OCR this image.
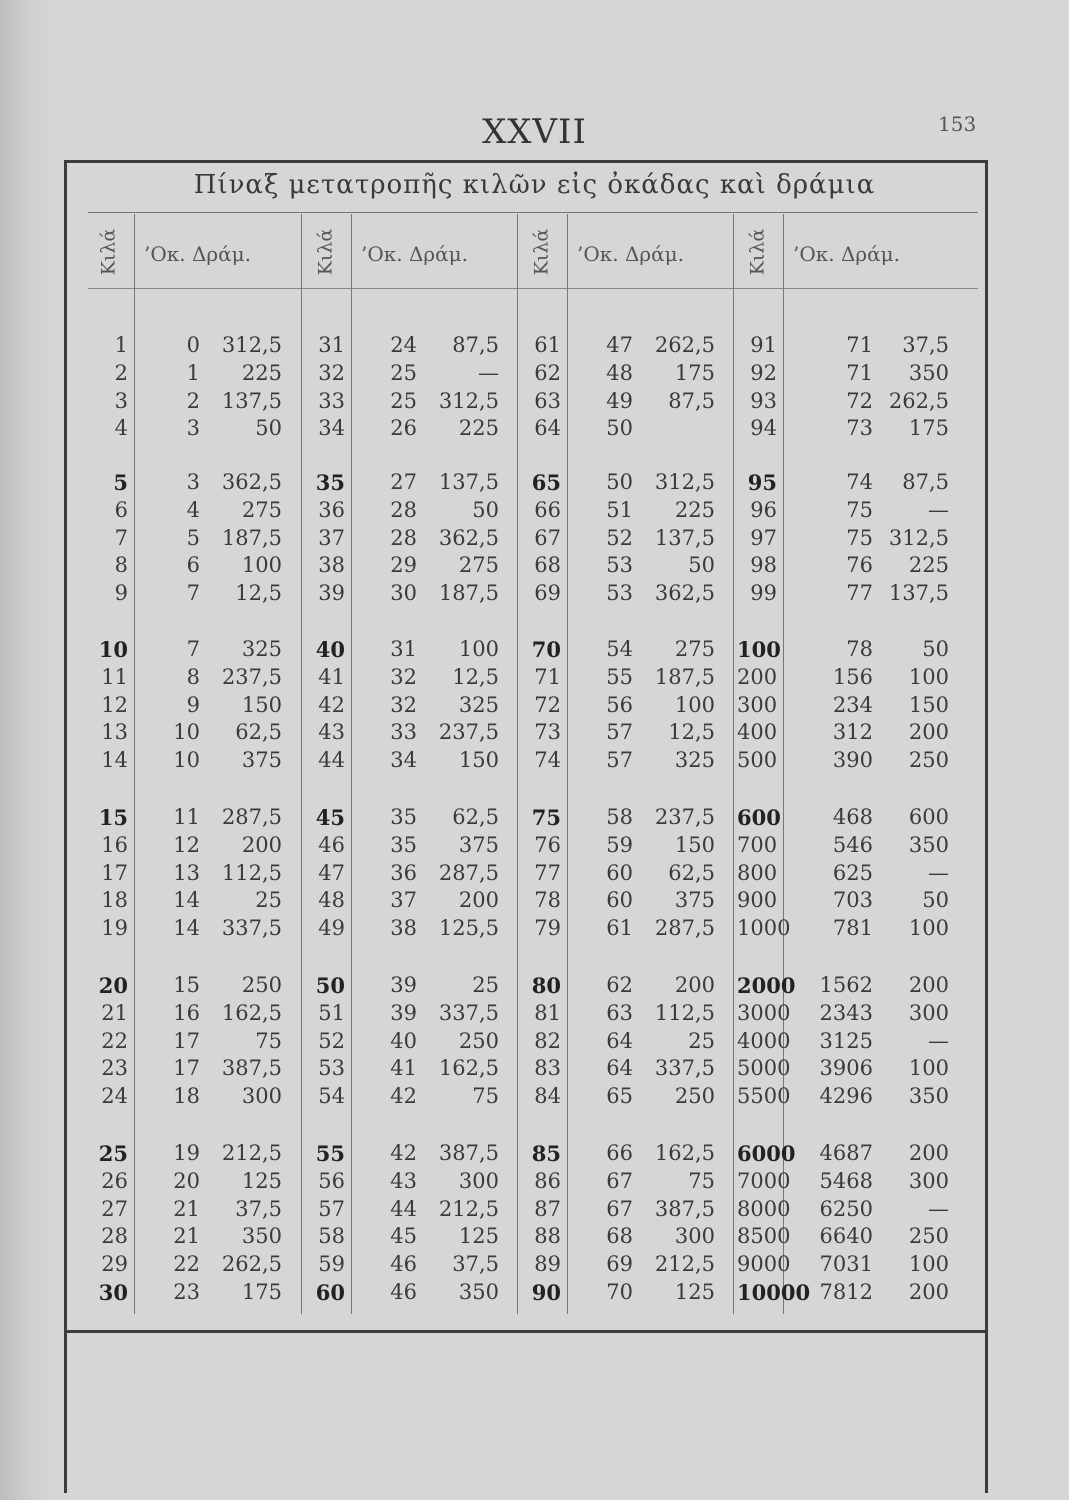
XXVII	153
Πίναξ μετατροπῆς κιλῶν εἰς ὀκάδας καὶ δράμια
Κιλά ’Οκ. Δράμ.
1	0	312,5
2	1	225
3	2	137,5
4	3	50
5	3	362,5
6	4	275
7	5	187,5
8	6	100
9	7	12,5
10	7	325
11	8	237,5
12	9	150
13	10	62,5
14	10	375
15	11	287,5
16	12	200
17	13	112,5
18	14	25
19	14	337,5
20	15	250
21	16	162,5
22	17	75
23	17	387,5
24	18	300
25	19	212,5
26	20	125
27	21	37,5
28	21	350
29	22	262,5
30	23	175
Κιλά ’Οκ. Δράμ.
31	24	87,5
32	25	—
33	25	312,5
34	26	225
35	27	137,5
36	28	50
37	28	362,5
38	29	275
39	30	187,5
40	31	100
41	32	12,5
42	32	325
43	33	237,5
44	34	150
45	35	62,5
46	35	375
47	36	287,5
48	37	200
49	38	125,5
50	39	25
51	39	337,5
52	40	250
53	41	162,5
54	42	75
55	42	387,5
56	43	300
57	44	212,5
58	45	125
59	46	37,5
60	46	350
Κιλά ’Οκ. Δράμ.
61	47	262,5
62	48	175
63	49	87,5
64	50
65	50	312,5
66	51	225
67	52	137,5
68	53	50
69	53	362,5
70	54	275
71	55	187,5
72	56	100
73	57	12,5
74	57	325
75	58	237,5
76	59	150
77	60	62,5
78	60	375
79	61	287,5
80	62	200
81	63	112,5
82	64	25
83	64	337,5
84	65	250
85	66	162,5
86	67	75
87	67	387,5
88	68	300
89	69	212,5
90	70	125
Κιλά ’Οκ. Δράμ.
91	71	37,5
92	71	350
93	72 262,5
94	73	175
95	74	87,5
96	75	—
97	75 312,5
98	76	225
99	77 137,5
100	78	50
200	156	100
300	234	150
400	312	200
500	390	250
600	468	600
700	546	350
800	625	—
900	703	50
1000	781	100
2000	1562	200
3000	2343	300
4000	3125	—
5000	3906	100
5500	4296	350
6000	4687	200
7000	5468	300
8000	6250	—
8500	6640	250
9000	7031	100
10000 7812	200
